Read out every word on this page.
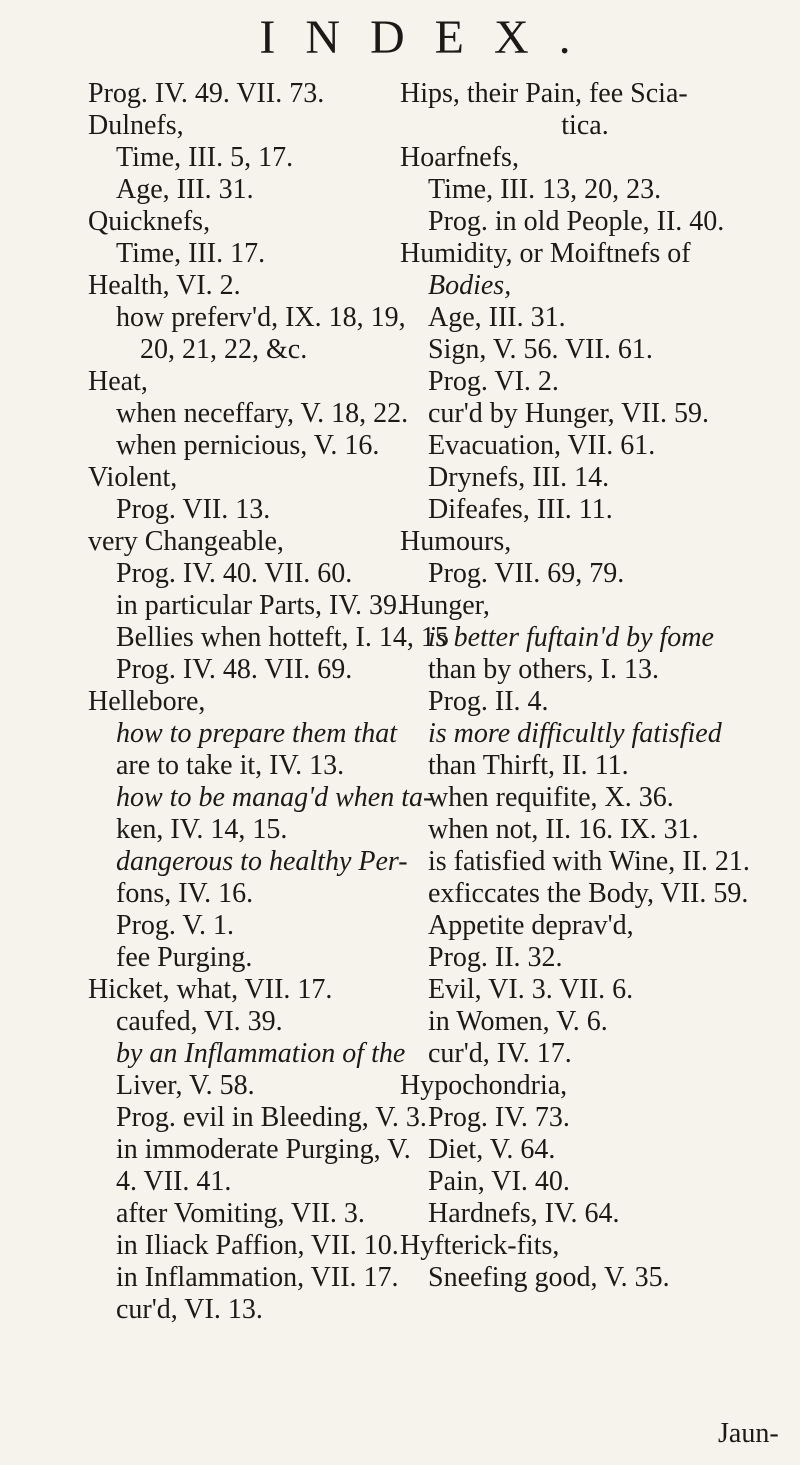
INDEX.
Prog. IV. 49. VII. 73.
Dulnefs,
Time, III. 5, 17.
Age, III. 31.
Quicknefs,
Time, III. 17.
Health, VI. 2.
how preferv'd, IX. 18, 19,
20, 21, 22, &c.
Heat,
when neceffary, V. 18, 22.
when pernicious, V. 16.
Violent,
Prog. VII. 13.
very Changeable,
Prog. IV. 40. VII. 60.
in particular Parts, IV. 39.
Bellies when hotteft, I. 14, 15
Prog. IV. 48. VII. 69.
Hellebore,
how to prepare them that
are to take it, IV. 13.
how to be manag'd when ta-
ken, IV. 14, 15.
dangerous to healthy Per-
fons, IV. 16.
Prog. V. 1.
fee Purging.
Hicket, what, VII. 17.
caufed, VI. 39.
by an Inflammation of the
Liver, V. 58.
Prog. evil in Bleeding, V. 3.
in immoderate Purging, V.
4. VII. 41.
after Vomiting, VII. 3.
in Iliack Paffion, VII. 10.
in Inflammation, VII. 17.
cur'd, VI. 13.
Hips, their Pain, fee Scia-
tica.
Hoarfnefs,
Time, III. 13, 20, 23.
Prog. in old People, II. 40.
Humidity, or Moiftnefs of
Bodies,
Age, III. 31.
Sign, V. 56. VII. 61.
Prog. VI. 2.
cur'd by Hunger, VII. 59.
Evacuation, VII. 61.
Drynefs, III. 14.
Difeafes, III. 11.
Humours,
Prog. VII. 69, 79.
Hunger,
is better fuftain'd by fome
than by others, I. 13.
Prog. II. 4.
is more difficultly fatisfied
than Thirft, II. 11.
when requifite, X. 36.
when not, II. 16. IX. 31.
is fatisfied with Wine, II. 21.
exficcates the Body, VII. 59.
Appetite deprav'd,
Prog. II. 32.
Evil, VI. 3. VII. 6.
in Women, V. 6.
cur'd, IV. 17.
Hypochondria,
Prog. IV. 73.
Diet, V. 64.
Pain, VI. 40.
Hardnefs, IV. 64.
Hyfterick-fits,
Sneefing good, V. 35.
Jaun-
